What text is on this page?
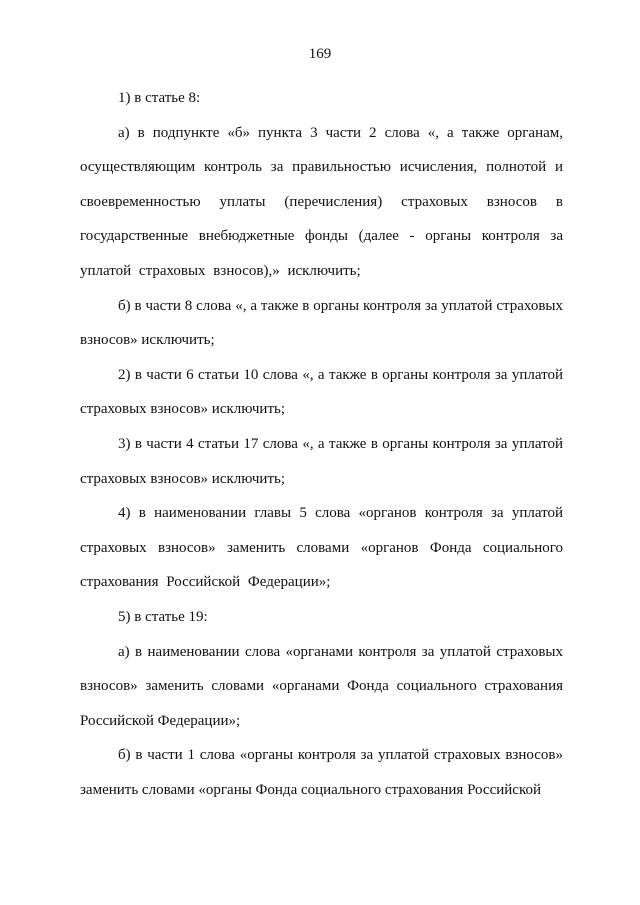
169

1) в статье 8:

а) в подпункте «б» пункта 3 части 2 слова «, а также органам, осуществляющим контроль за правильностью исчисления, полнотой и своевременностью уплаты (перечисления) страховых взносов в государственные внебюджетные фонды (далее - органы контроля за уплатой страховых взносов),» исключить;

б) в части 8 слова «, а также в органы контроля за уплатой страховых взносов» исключить;

2) в части 6 статьи 10 слова «, а также в органы контроля за уплатой страховых взносов» исключить;

3) в части 4 статьи 17 слова «, а также в органы контроля за уплатой страховых взносов» исключить;

4) в наименовании главы 5 слова «органов контроля за уплатой страховых взносов» заменить словами «органов Фонда социального страхования Российской Федерации»;

5) в статье 19:

а) в наименовании слова «органами контроля за уплатой страховых взносов» заменить словами «органами Фонда социального страхования Российской Федерации»;

б) в части 1 слова «органы контроля за уплатой страховых взносов» заменить словами «органы Фонда социального страхования Российской
